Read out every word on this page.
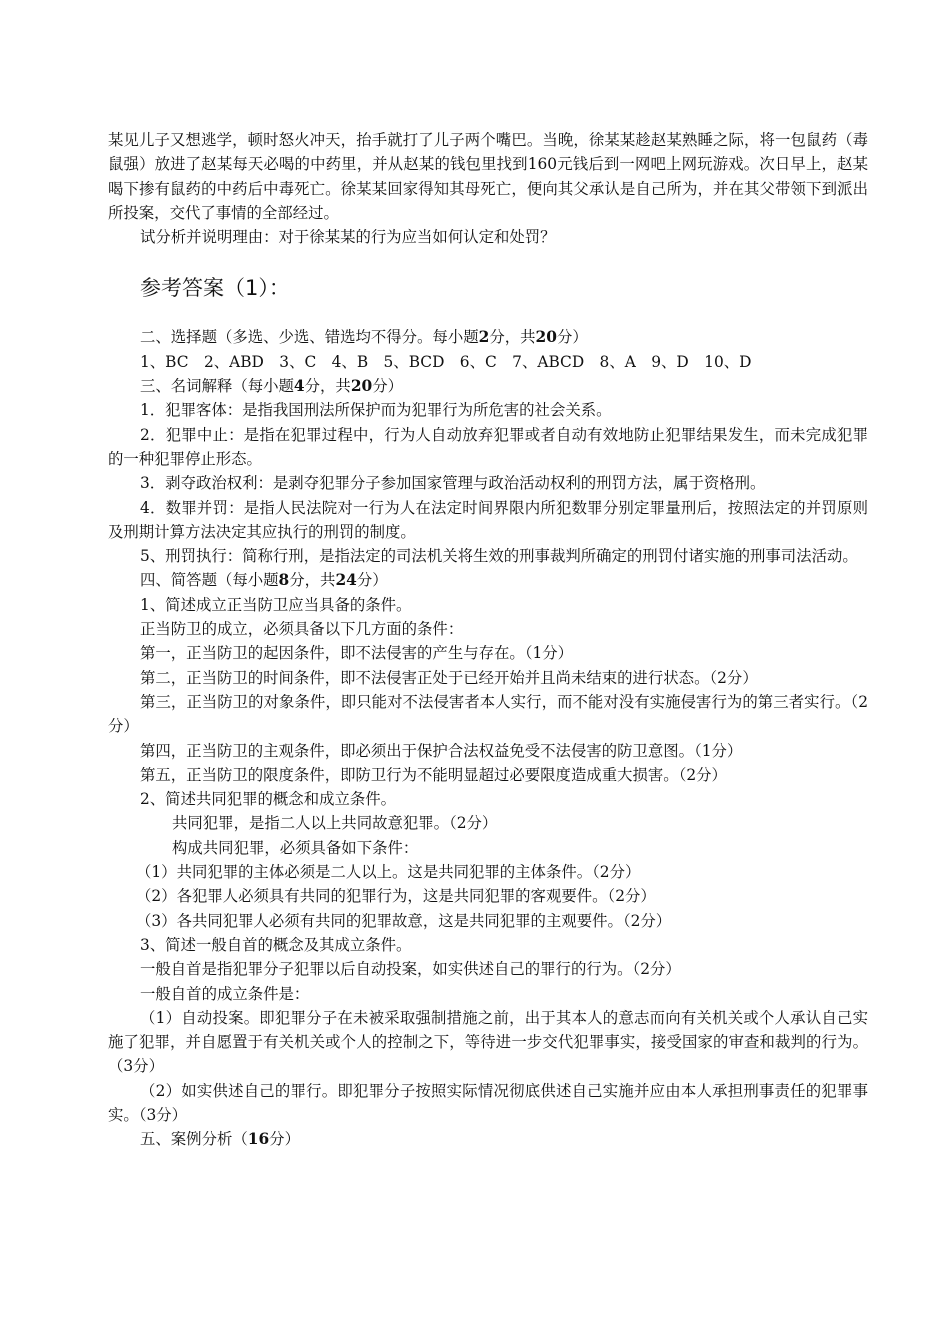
某见儿子又想逃学，顿时怒火冲天，抬手就打了儿子两个嘴巴。当晚，徐某某趁赵某熟睡之际，将一包鼠药（毒鼠强）放进了赵某每天必喝的中药里，并从赵某的钱包里找到160元钱后到一网吧上网玩游戏。次日早上，赵某喝下掺有鼠药的中药后中毒死亡。徐某某回家得知其母死亡，便向其父承认是自己所为，并在其父带领下到派出所投案，交代了事情的全部经过。

试分析并说明理由：对于徐某某的行为应当如何认定和处罚？

参考答案（1）：

二、选择题（多选、少选、错选均不得分。每小题2分，共20分）

1、BC　2、ABD　3、C　4、B　5、BCD　6、C　7、ABCD　8、A　9、D　10、D

三、名词解释（每小题4分，共20分）

1．犯罪客体：是指我国刑法所保护而为犯罪行为所危害的社会关系。

2．犯罪中止：是指在犯罪过程中，行为人自动放弃犯罪或者自动有效地防止犯罪结果发生，而未完成犯罪的一种犯罪停止形态。

3．剥夺政治权利：是剥夺犯罪分子参加国家管理与政治活动权利的刑罚方法，属于资格刑。

4．数罪并罚：是指人民法院对一行为人在法定时间界限内所犯数罪分别定罪量刑后，按照法定的并罚原则及刑期计算方法决定其应执行的刑罚的制度。

5、刑罚执行：简称行刑，是指法定的司法机关将生效的刑事裁判所确定的刑罚付诸实施的刑事司法活动。

四、简答题（每小题8分，共24分）

1、简述成立正当防卫应当具备的条件。

正当防卫的成立，必须具备以下几方面的条件：

第一，正当防卫的起因条件，即不法侵害的产生与存在。（1分）

第二，正当防卫的时间条件，即不法侵害正处于已经开始并且尚未结束的进行状态。（2分）

第三，正当防卫的对象条件，即只能对不法侵害者本人实行，而不能对没有实施侵害行为的第三者实行。（2分）

第四，正当防卫的主观条件，即必须出于保护合法权益免受不法侵害的防卫意图。（1分）

第五，正当防卫的限度条件，即防卫行为不能明显超过必要限度造成重大损害。（2分）

2、简述共同犯罪的概念和成立条件。

共同犯罪，是指二人以上共同故意犯罪。（2分）

构成共同犯罪，必须具备如下条件：

（1）共同犯罪的主体必须是二人以上。这是共同犯罪的主体条件。（2分）

（2）各犯罪人必须具有共同的犯罪行为，这是共同犯罪的客观要件。（2分）

（3）各共同犯罪人必须有共同的犯罪故意，这是共同犯罪的主观要件。（2分）

3、简述一般自首的概念及其成立条件。

一般自首是指犯罪分子犯罪以后自动投案，如实供述自己的罪行的行为。（2分）

一般自首的成立条件是：

（1）自动投案。即犯罪分子在未被采取强制措施之前，出于其本人的意志而向有关机关或个人承认自己实施了犯罪，并自愿置于有关机关或个人的控制之下，等待进一步交代犯罪事实，接受国家的审查和裁判的行为。（3分）

（2）如实供述自己的罪行。即犯罪分子按照实际情况彻底供述自己实施并应由本人承担刑事责任的犯罪事实。（3分）

五、案例分析（16分）
